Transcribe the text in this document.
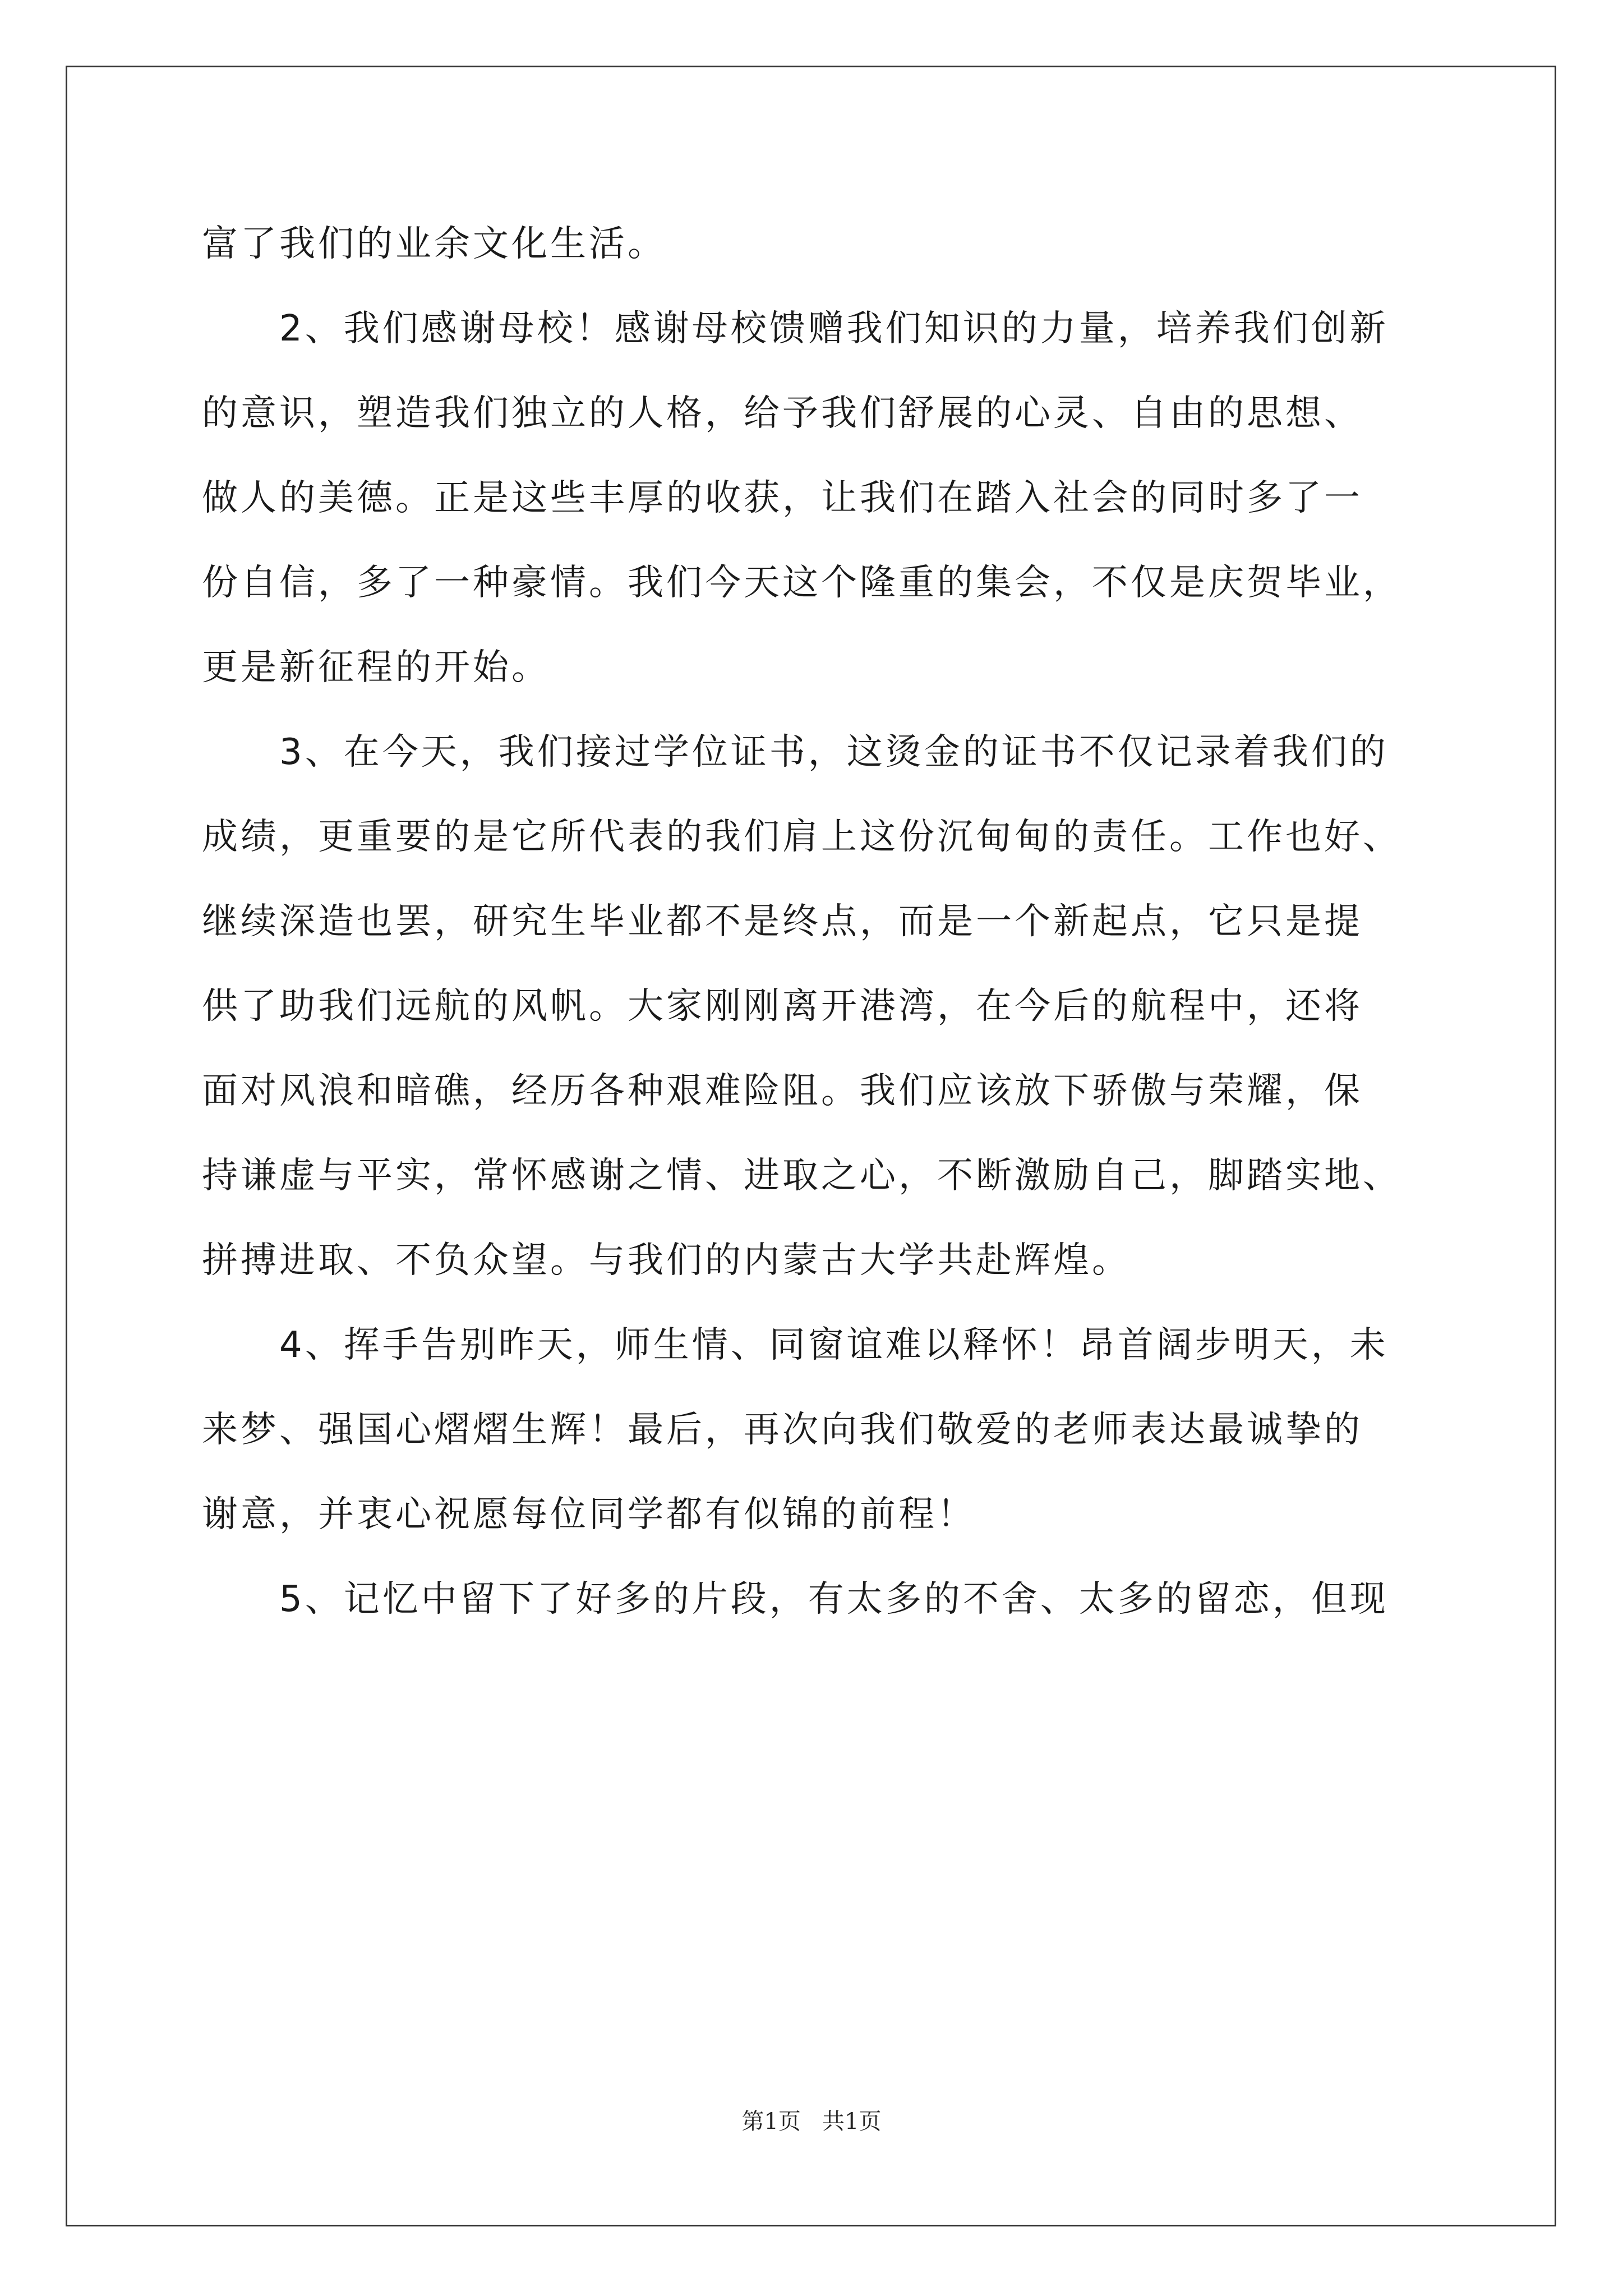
富了我们的业余文化生活。
2、我们感谢母校！感谢母校馈赠我们知识的力量，培养我们创新
的意识，塑造我们独立的人格，给予我们舒展的心灵、自由的思想、
做人的美德。正是这些丰厚的收获，让我们在踏入社会的同时多了一
份自信，多了一种豪情。我们今天这个隆重的集会，不仅是庆贺毕业，
更是新征程的开始。
3、在今天，我们接过学位证书，这烫金的证书不仅记录着我们的
成绩，更重要的是它所代表的我们肩上这份沉甸甸的责任。工作也好、
继续深造也罢，研究生毕业都不是终点，而是一个新起点，它只是提
供了助我们远航的风帆。大家刚刚离开港湾，在今后的航程中，还将
面对风浪和暗礁，经历各种艰难险阻。我们应该放下骄傲与荣耀，保
持谦虚与平实，常怀感谢之情、进取之心，不断激励自己，脚踏实地、
拼搏进取、不负众望。与我们的内蒙古大学共赴辉煌。
4、挥手告别昨天，师生情、同窗谊难以释怀！昂首阔步明天，未
来梦、强国心熠熠生辉！最后，再次向我们敬爱的老师表达最诚挚的
谢意，并衷心祝愿每位同学都有似锦的前程！
5、记忆中留下了好多的片段，有太多的不舍、太多的留恋，但现
第1页   共1页
